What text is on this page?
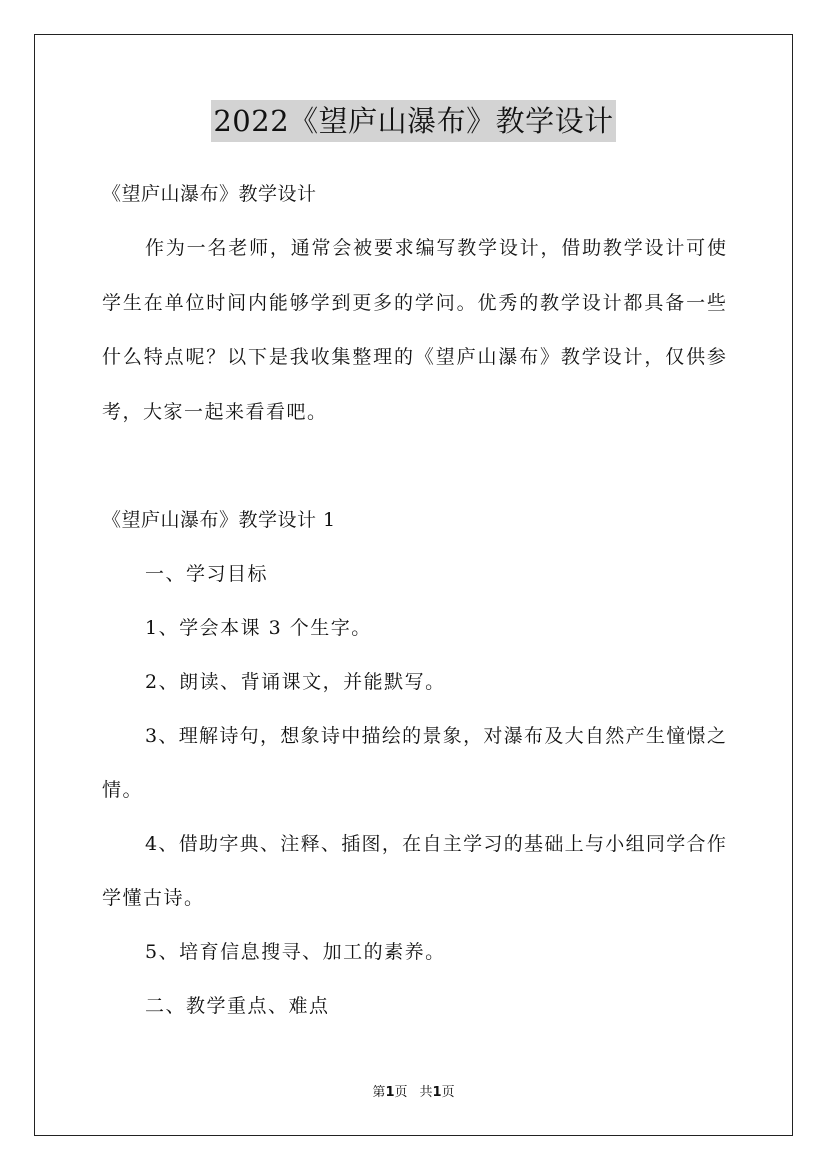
2022《望庐山瀑布》教学设计
《望庐山瀑布》教学设计
作 为 一 名 老 师 ， 通 常 会 被 要 求 编 写 教 学 设 计 ， 借 助 教 学 设 计 可 使
学 生 在 单 位 时 间 内 能 够 学 到 更 多 的 学 问 。 优 秀 的 教 学 设 计 都 具 备 一 些
什 么 特 点 呢 ？ 以 下 是 我 收 集 整 理 的 《 望 庐 山 瀑 布 》 教 学 设 计 ， 仅 供 参
考，大家一起来看看吧。
《望庐山瀑布》教学设计 1
一、学习目标
1、学会本课 3 个生字。
2、朗读、背诵课文，并能默写。
3 、 理 解 诗 句 ， 想 象 诗 中 描 绘 的 景 象 ， 对 瀑 布 及 大 自 然 产 生 憧 憬 之
情。
4 、 借 助 字 典 、 注 释 、 插 图 ， 在 自 主 学 习 的 基 础 上 与 小 组 同 学 合 作
学懂古诗。
5、培育信息搜寻、加工的素养。
二、教学重点、难点
第1页 共1页
